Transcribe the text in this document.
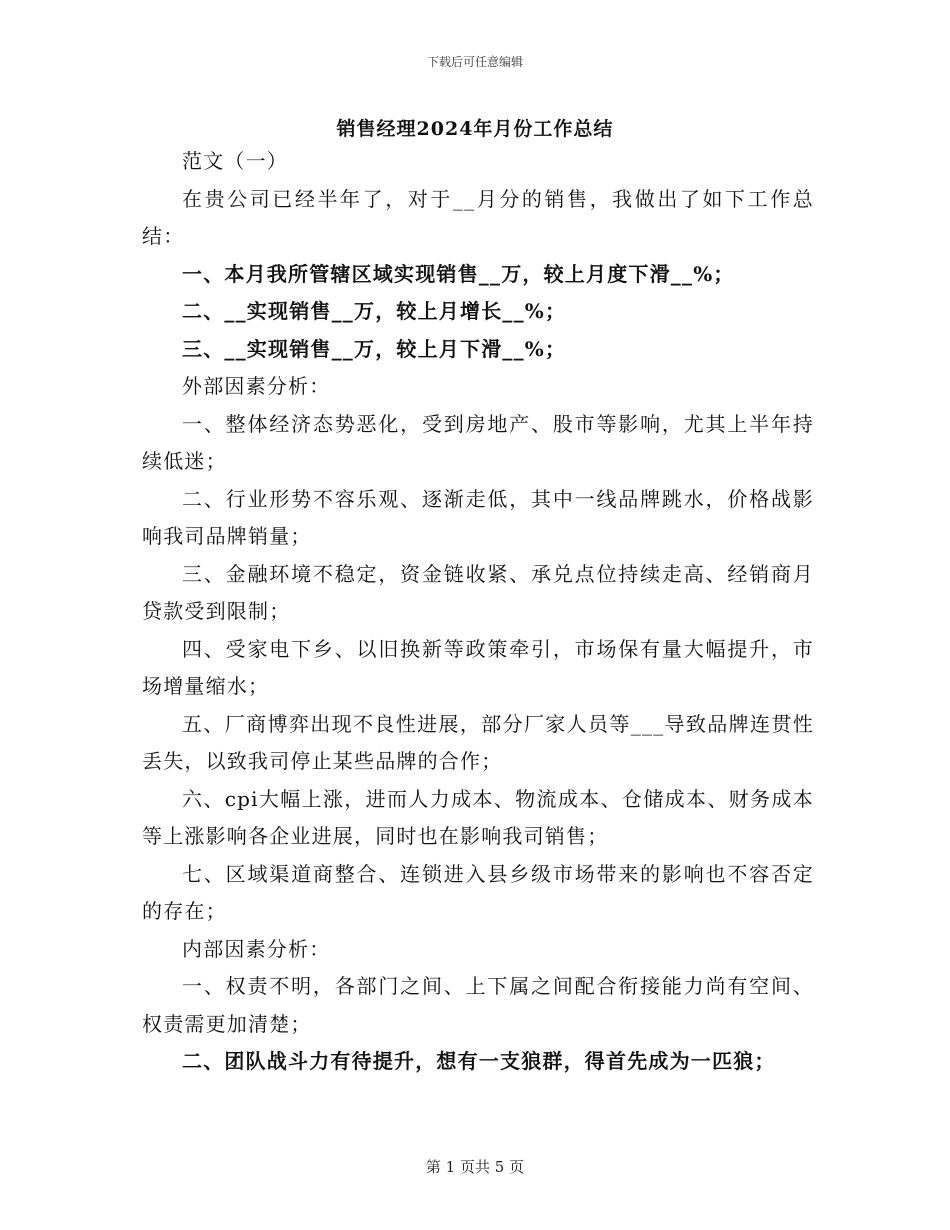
下载后可任意编辑
销售经理2024年月份工作总结

范文（一）

在贵公司已经半年了，对于__月分的销售，我做出了如下工作总结：

一、本月我所管辖区域实现销售__万，较上月度下滑__%；

二、__实现销售__万，较上月增长__%；

三、__实现销售__万，较上月下滑__%；

外部因素分析：

一、整体经济态势恶化，受到房地产、股市等影响，尤其上半年持续低迷；

二、行业形势不容乐观、逐渐走低，其中一线品牌跳水，价格战影响我司品牌销量；

三、金融环境不稳定，资金链收紧、承兑点位持续走高、经销商月贷款受到限制；

四、受家电下乡、以旧换新等政策牵引，市场保有量大幅提升，市场增量缩水；

五、厂商博弈出现不良性进展，部分厂家人员等___导致品牌连贯性丢失，以致我司停止某些品牌的合作；

六、cpi大幅上涨，进而人力成本、物流成本、仓储成本、财务成本等上涨影响各企业进展，同时也在影响我司销售；

七、区域渠道商整合、连锁进入县乡级市场带来的影响也不容否定的存在；

内部因素分析：

一、权责不明，各部门之间、上下属之间配合衔接能力尚有空间、权责需更加清楚；

二、团队战斗力有待提升，想有一支狼群，得首先成为一匹狼；

第 1 页共 5 页
